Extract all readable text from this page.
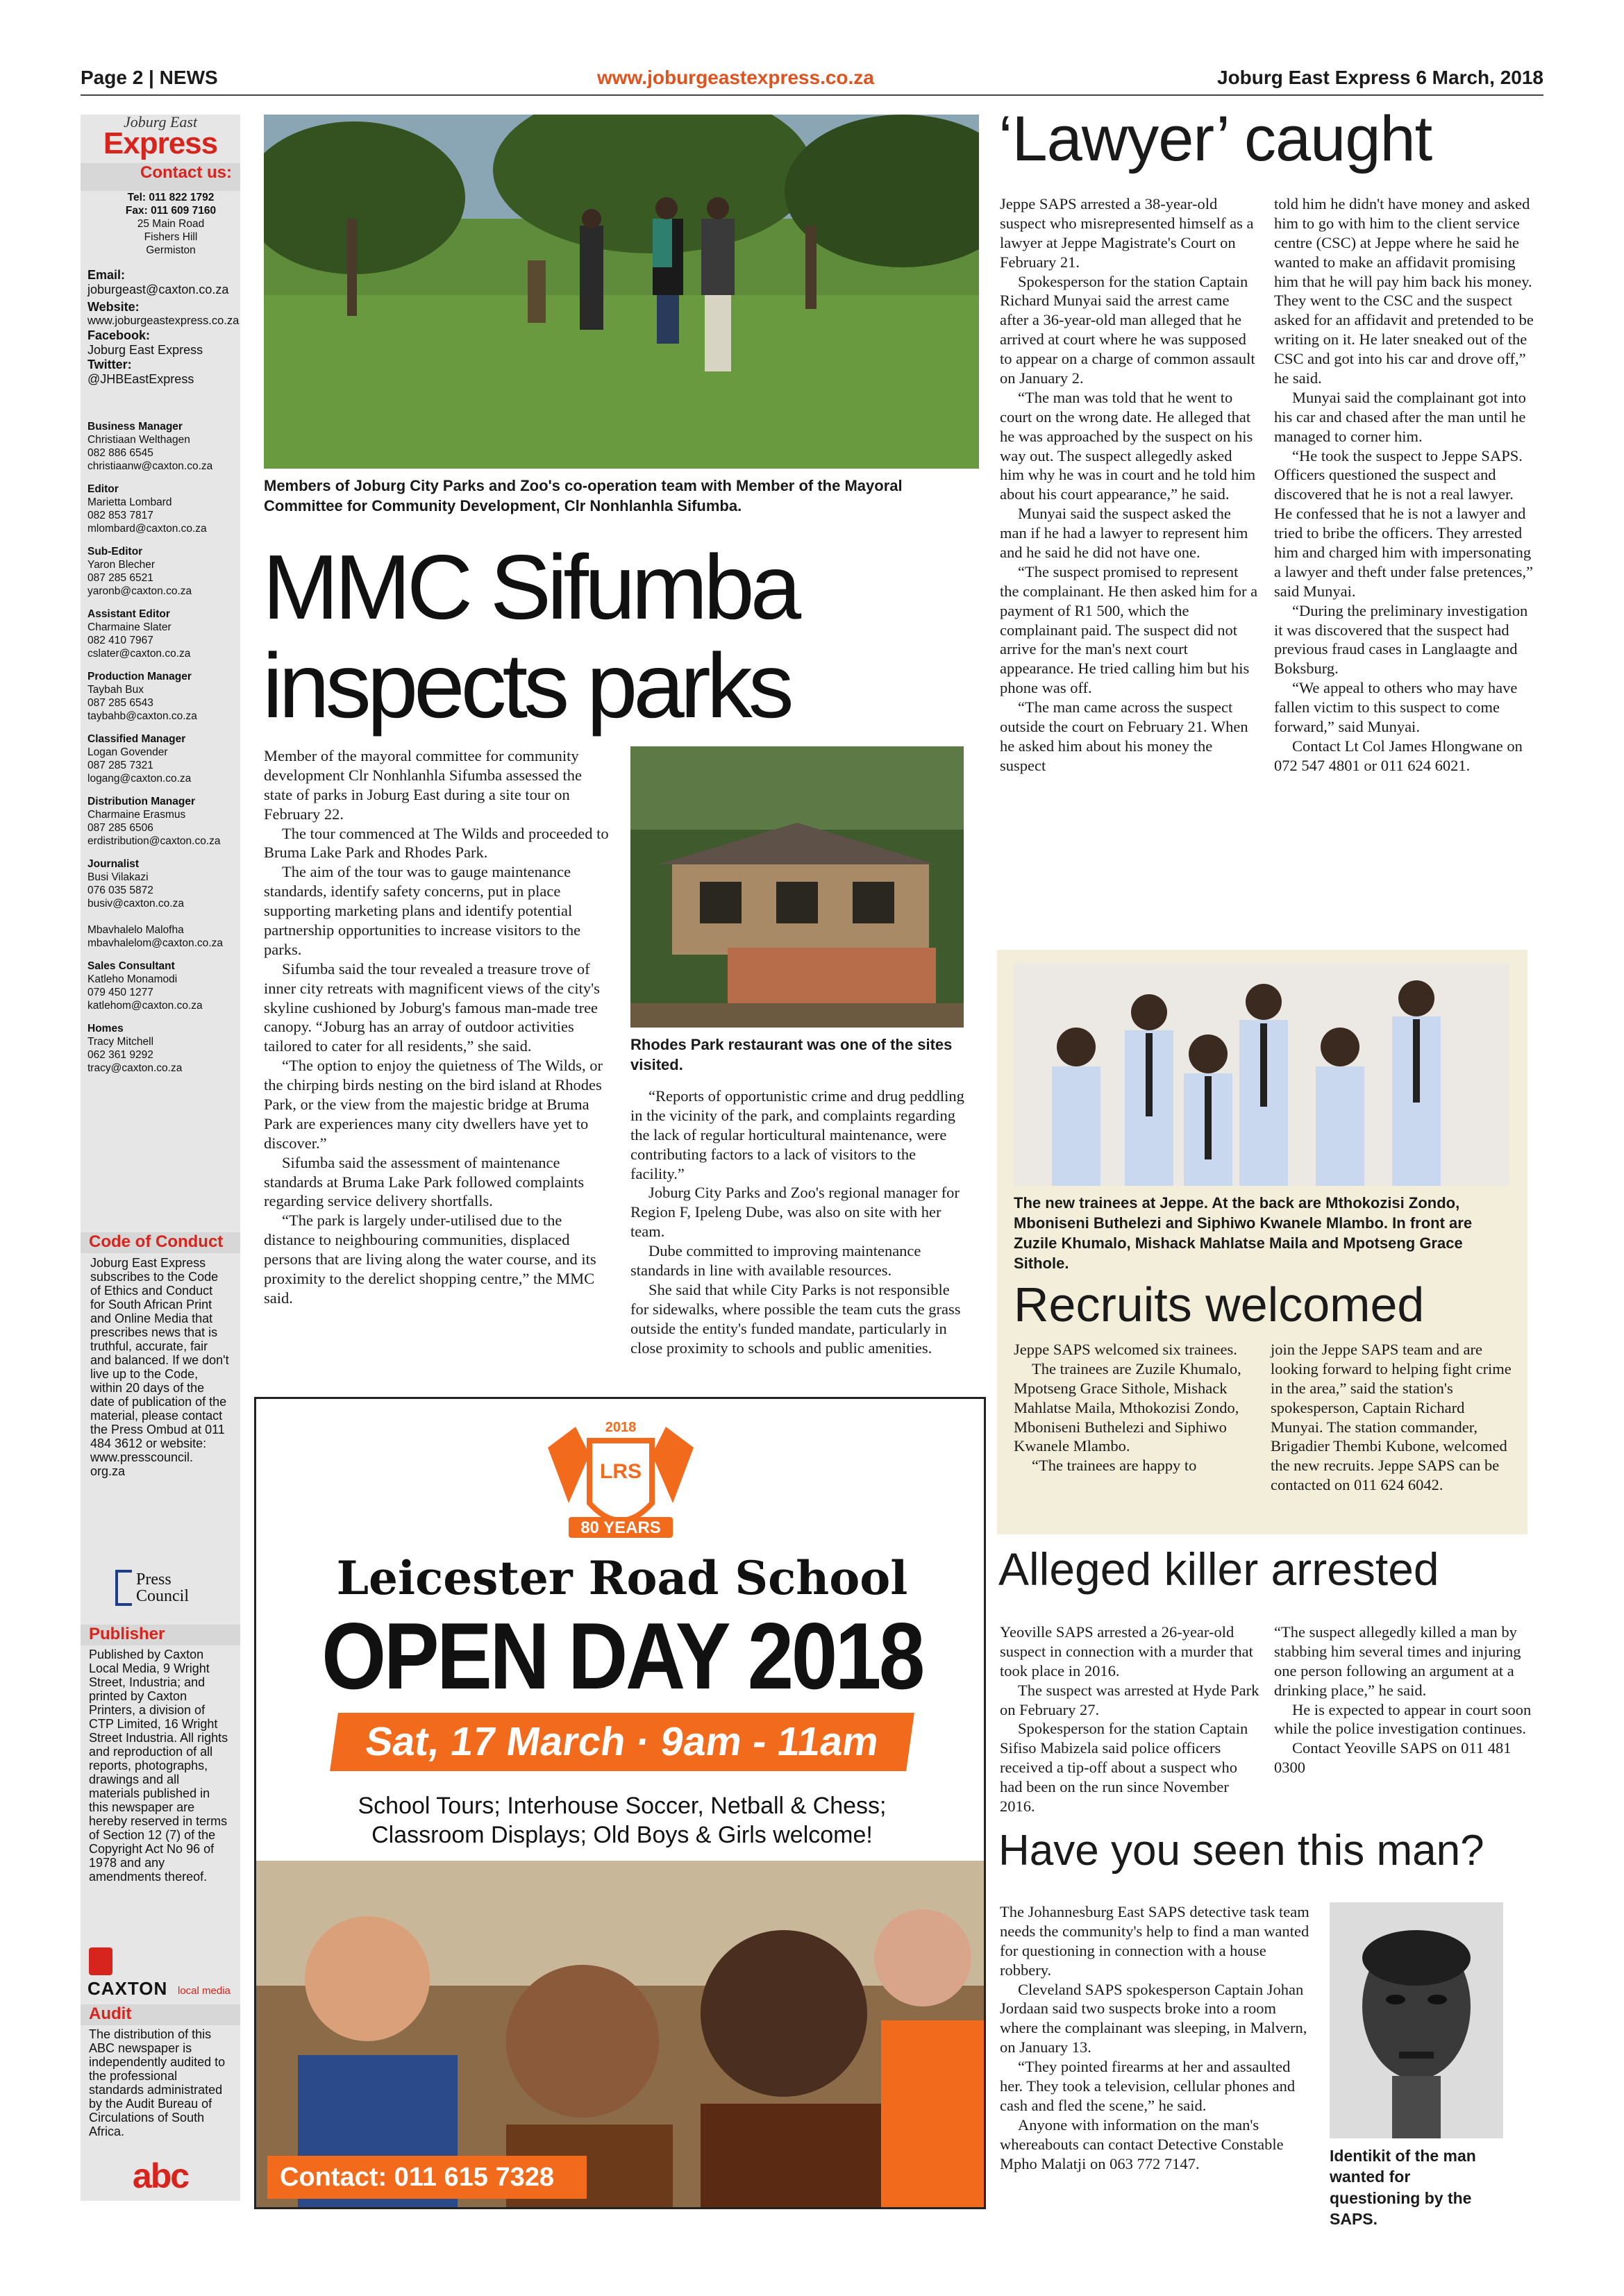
Page 2 | NEWS	www.joburgeastexpress.co.za	Joburg East Express 6 March, 2018
Joburg East
Express
Contact us:
Tel: 011 822 1792
Fax: 011 609 7160
25 Main Road
Fishers Hill
Germiston
Email:
joburgeast@caxton.co.za
Website:
www.joburgeastexpress.co.za
Facebook:
Joburg East Express
Twitter:
@JHBEastExpress
Business Manager
Christiaan Welthagen
082 886 6545
christiaanw@caxton.co.za
Editor
Marietta Lombard
082 853 7817
mlombard@caxton.co.za
Sub-Editor
Yaron Blecher
087 285 6521
yaronb@caxton.co.za
Assistant Editor
Charmaine Slater
082 410 7967
cslater@caxton.co.za
Production Manager
Taybah Bux
087 285 6543
taybahb@caxton.co.za
Classified Manager
Logan Govender
087 285 7321
logang@caxton.co.za
Distribution Manager
Charmaine Erasmus
087 285 6506
erdistribution@caxton.co.za
Journalist
Busi Vilakazi
076 035 5872
busiv@caxton.co.za

Mbavhalelo Malofha
mbavhalelom@caxton.co.za
Sales Consultant
Katleho Monamodi
079 450 1277
katlehom@caxton.co.za
Homes
Tracy Mitchell
062 361 9292
tracy@caxton.co.za
Code of Conduct
Joburg East Express subscribes to the Code of Ethics and Conduct for South African Print and Online Media that prescribes news that is truthful, accurate, fair and balanced. If we don't live up to the Code, within 20 days of the date of publication of the material, please contact the Press Ombud at 011 484 3612 or website: www.presscouncil. org.za
Press Council
Publisher
Published by Caxton Local Media, 9 Wright Street, Industria; and printed by Caxton Printers, a division of CTP Limited, 16 Wright Street Industria. All rights and reproduction of all reports, photographs, drawings and all materials published in this newspaper are hereby reserved in terms of Section 12 (7) of the Copyright Act No 96 of 1978 and any amendments thereof.
CAXTON local media
Audit
The distribution of this ABC newspaper is independently audited to the professional standards administrated by the Audit Bureau of Circulations of South Africa.
abc
Members of Joburg City Parks and Zoo's co-operation team with Member of the Mayoral Committee for Community Development, Clr Nonhlanhla Sifumba.
MMC Sifumba
inspects parks

Member of the mayoral committee for community development Clr Nonhlanhla Sifumba assessed the state of parks in Joburg East during a site tour on February 22.

The tour commenced at The Wilds and proceeded to Bruma Lake Park and Rhodes Park.

The aim of the tour was to gauge maintenance standards, identify safety concerns, put in place supporting marketing plans and identify potential partnership opportunities to increase visitors to the parks.

Sifumba said the tour revealed a treasure trove of inner city retreats with magnificent views of the city's skyline cushioned by Joburg's famous man-made tree canopy. “Joburg has an array of outdoor activities tailored to cater for all residents,” she said.

“The option to enjoy the quietness of The Wilds, or the chirping birds nesting on the bird island at Rhodes Park, or the view from the majestic bridge at Bruma Park are experiences many city dwellers have yet to discover.”

Sifumba said the assessment of maintenance standards at Bruma Lake Park followed complaints regarding service delivery shortfalls.

“The park is largely under-utilised due to the distance to neighbouring communities, displaced persons that are living along the water course, and its proximity to the derelict shopping centre,” the MMC said.

Rhodes Park restaurant was one of the sites visited.

“Reports of opportunistic crime and drug peddling in the vicinity of the park, and complaints regarding the lack of regular horticultural maintenance, were contributing factors to a lack of visitors to the facility.”

Joburg City Parks and Zoo's regional manager for Region F, Ipeleng Dube, was also on site with her team.

Dube committed to improving maintenance standards in line with available resources.

She said that while City Parks is not responsible for sidewalks, where possible the team cuts the grass outside the entity's funded mandate, particularly in close proximity to schools and public amenities.

‘Lawyer’ caught

Jeppe SAPS arrested a 38-year-old suspect who misrepresented himself as a lawyer at Jeppe Magistrate's Court on February 21.

Spokesperson for the station Captain Richard Munyai said the arrest came after a 36-year-old man alleged that he arrived at court where he was supposed to appear on a charge of common assault on January 2.

“The man was told that he went to court on the wrong date. He alleged that he was approached by the suspect on his way out. The suspect allegedly asked him why he was in court and he told him about his court appearance,” he said.

Munyai said the suspect asked the man if he had a lawyer to represent him and he said he did not have one.

“The suspect promised to represent the complainant. He then asked him for a payment of R1 500, which the complainant paid. The suspect did not arrive for the man's next court appearance. He tried calling him but his phone was off.

“The man came across the suspect outside the court on February 21. When he asked him about his money the suspect

told him he didn't have money and asked him to go with him to the client service centre (CSC) at Jeppe where he said he wanted to make an affidavit promising him that he will pay him back his money. They went to the CSC and the suspect asked for an affidavit and pretended to be writing on it. He later sneaked out of the CSC and got into his car and drove off,” he said.

Munyai said the complainant got into his car and chased after the man until he managed to corner him.

“He took the suspect to Jeppe SAPS. Officers questioned the suspect and discovered that he is not a real lawyer. He confessed that he is not a lawyer and tried to bribe the officers. They arrested him and charged him with impersonating a lawyer and theft under false pretences,” said Munyai.

“During the preliminary investigation it was discovered that the suspect had previous fraud cases in Langlaagte and Boksburg.

“We appeal to others who may have fallen victim to this suspect to come forward,” said Munyai.

Contact Lt Col James Hlongwane on 072 547 4801 or 011 624 6021.

The new trainees at Jeppe. At the back are Mthokozisi Zondo, Mboniseni Buthelezi and Siphiwo Kwanele Mlambo. In front are Zuzile Khumalo, Mishack Mahlatse Maila and Mpotseng Grace Sithole.
Recruits welcomed

Jeppe SAPS welcomed six trainees.

The trainees are Zuzile Khumalo, Mpotseng Grace Sithole, Mishack Mahlatse Maila, Mthokozisi Zondo, Mboniseni Buthelezi and Siphiwo Kwanele Mlambo.

“The trainees are happy to

join the Jeppe SAPS team and are looking forward to helping fight crime in the area,” said the station's spokesperson, Captain Richard Munyai. The station commander, Brigadier Thembi Kubone, welcomed the new recruits. Jeppe SAPS can be contacted on 011 624 6042.

Alleged killer arrested

Yeoville SAPS arrested a 26-year-old suspect in connection with a murder that took place in 2016.

The suspect was arrested at Hyde Park on February 27.

Spokesperson for the station Captain Sifiso Mabizela said police officers received a tip-off about a suspect who had been on the run since November 2016.

“The suspect allegedly killed a man by stabbing him several times and injuring one person following an argument at a drinking place,” he said.

He is expected to appear in court soon while the police investigation continues.

Contact Yeoville SAPS on 011 481 0300

Have you seen this man?

The Johannesburg East SAPS detective task team needs the community's help to find a man wanted for questioning in connection with a house robbery.

Cleveland SAPS spokesperson Captain Johan Jordaan said two suspects broke into a room where the complainant was sleeping, in Malvern, on January 13.

“They pointed firearms at her and assaulted her. They took a television, cellular phones and cash and fled the scene,” he said.

Anyone with information on the man's whereabouts can contact Detective Constable Mpho Malatji on 063 772 7147.	Identikit of the man wanted for questioning by the SAPS.
2018
LRS
80 YEARS
Leicester Road School
OPEN DAY 2018
Sat, 17 March · 9am - 11am
School Tours; Interhouse Soccer, Netball & Chess;
Classroom Displays; Old Boys & Girls welcome!
Contact: 011 615 7328
